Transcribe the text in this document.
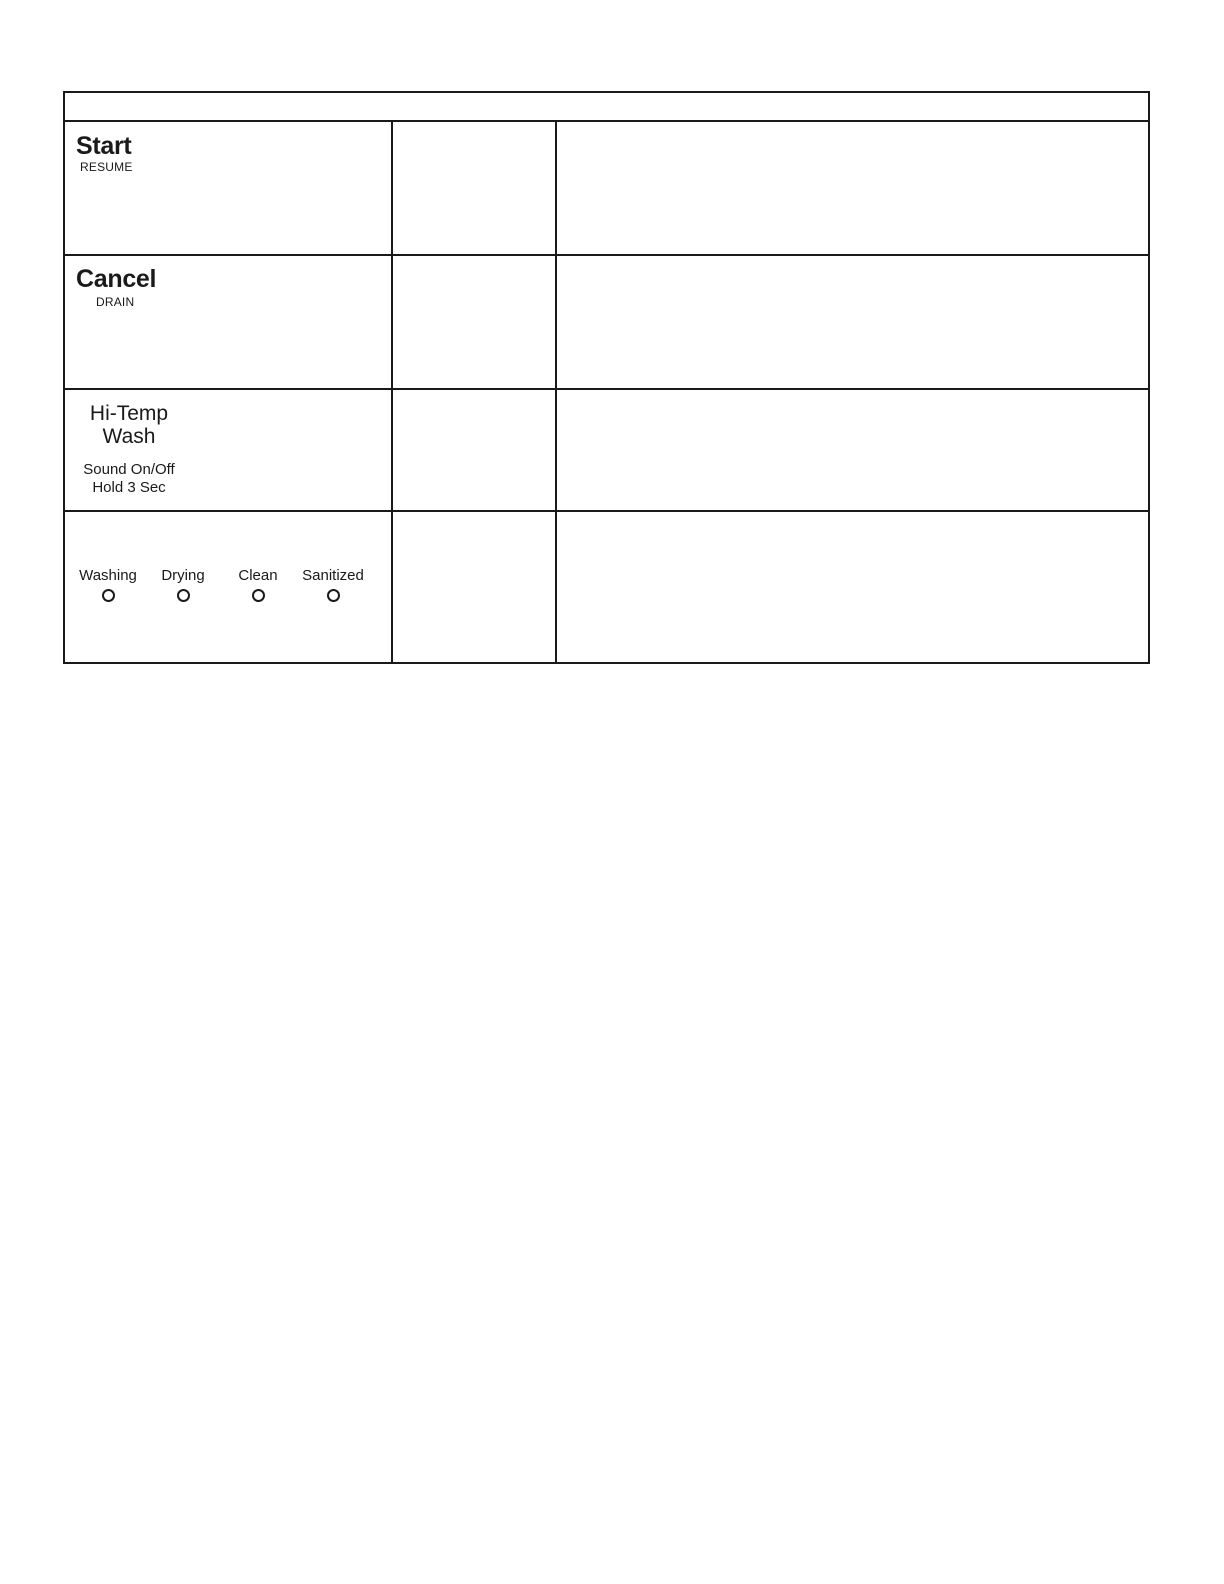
Start
RESUME
Cancel
DRAIN
Hi-Temp
Wash
Sound On/Off
Hold 3 Sec
Washing	Drying	Clean	Sanitized
